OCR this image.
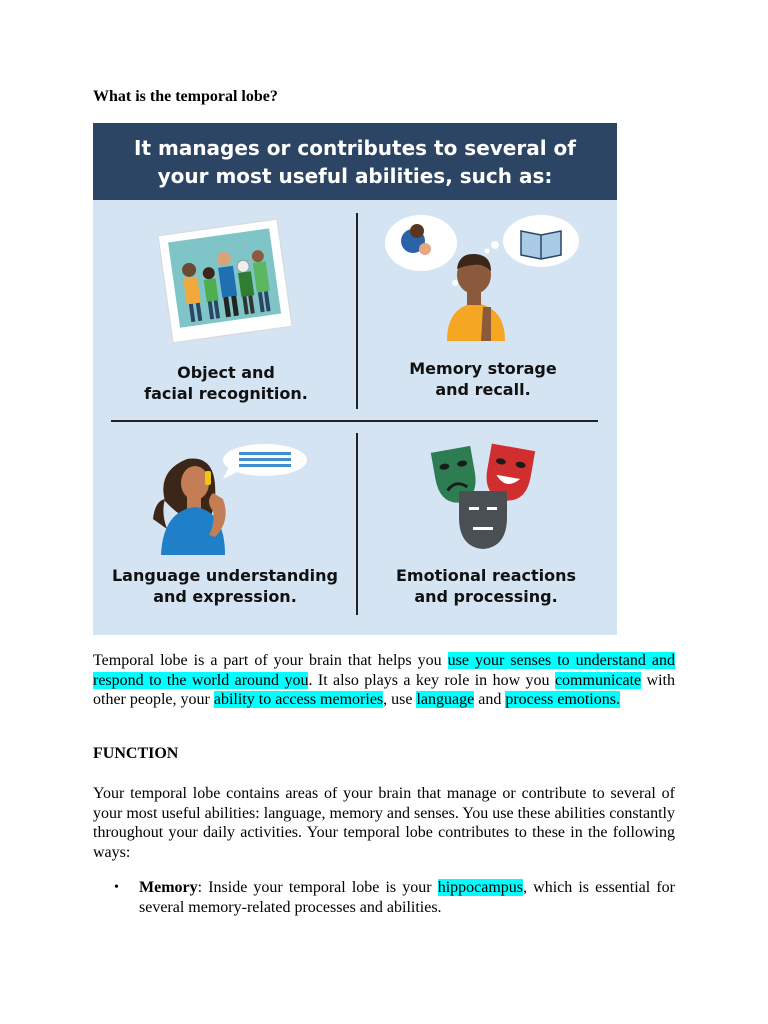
What is the temporal lobe?
It manages or contributes to several of
your most useful abilities, such as:
Object and
facial recognition.
Memory storage
and recall.
Language understanding
and expression.
Emotional reactions
and processing.

Temporal lobe is a part of your brain that helps you use your senses to understand and respond to the world around you. It also plays a key role in how you communicate with other people, your ability to access memories, use language and process emotions.

FUNCTION

Your temporal lobe contains areas of your brain that manage or contribute to several of your most useful abilities: language, memory and senses. You use these abilities constantly throughout your daily activities. Your temporal lobe contributes to these in the following ways:

• Memory: Inside your temporal lobe is your hippocampus, which is essential for several memory-related processes and abilities.
